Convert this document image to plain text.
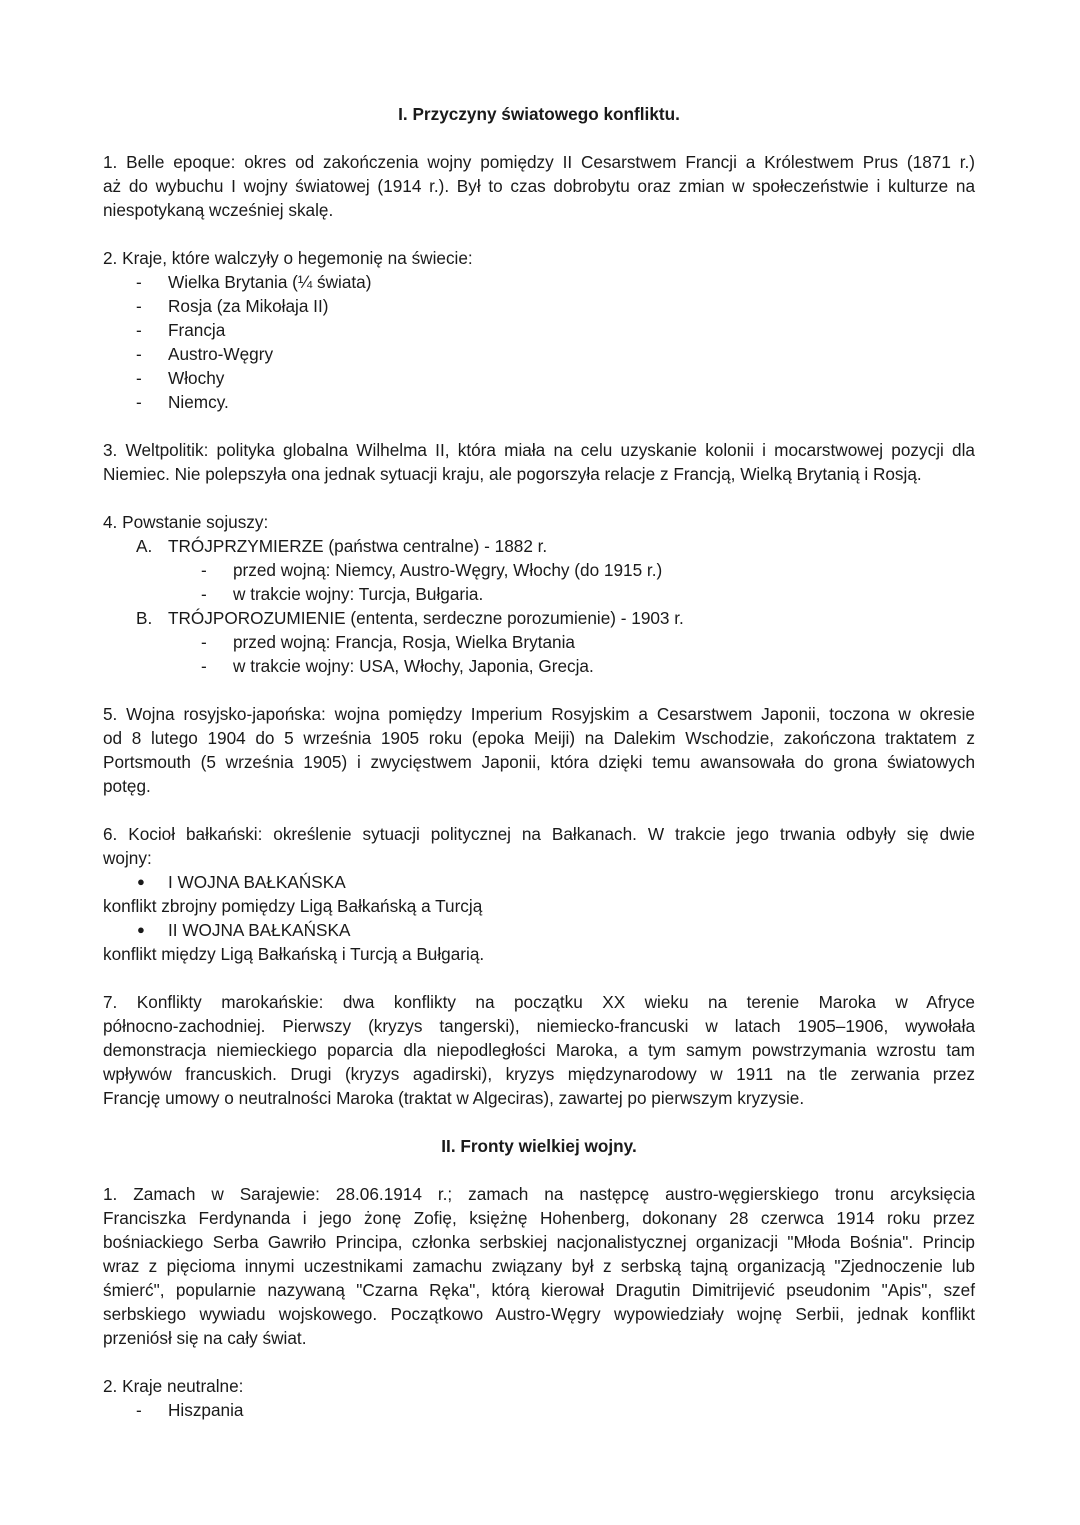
I. Przyczyny światowego konfliktu.

1. Belle epoque: okres od zakończenia wojny pomiędzy II Cesarstwem Francji a Królestwem Prus (1871 r.)

aż do wybuchu I wojny światowej (1914 r.). Był to czas dobrobytu oraz zmian w społeczeństwie i kulturze na

niespotykaną wcześniej skalę.

2. Kraje, które walczyły o hegemonię na świecie:

- Wielka Brytania (¼ świata)
- Rosja (za Mikołaja II)
- Francja
- Austro-Węgry
- Włochy
- Niemcy.

3. Weltpolitik: polityka globalna Wilhelma II, która miała na celu uzyskanie kolonii i mocarstwowej pozycji dla

Niemiec. Nie polepszyła ona jednak sytuacji kraju, ale pogorszyła relacje z Francją, Wielką Brytanią i Rosją.

4. Powstanie sojuszy:

A. TRÓJPRZYMIERZE (państwa centralne) - 1882 r.
- przed wojną: Niemcy, Austro-Węgry, Włochy (do 1915 r.)
- w trakcie wojny: Turcja, Bułgaria.
B. TRÓJPOROZUMIENIE (ententa, serdeczne porozumienie) - 1903 r.
- przed wojną: Francja, Rosja, Wielka Brytania
- w trakcie wojny: USA, Włochy, Japonia, Grecja.

5. Wojna rosyjsko-japońska: wojna pomiędzy Imperium Rosyjskim a Cesarstwem Japonii, toczona w okresie

od 8 lutego 1904 do 5 września 1905 roku (epoka Meiji) na Dalekim Wschodzie, zakończona traktatem z

Portsmouth (5 września 1905) i zwycięstwem Japonii, która dzięki temu awansowała do grona światowych

potęg.

6. Kocioł bałkański: określenie sytuacji politycznej na Bałkanach. W trakcie jego trwania odbyły się dwie

wojny:

● I WOJNA BAŁKAŃSKA

konflikt zbrojny pomiędzy Ligą Bałkańską a Turcją

● II WOJNA BAŁKAŃSKA

konflikt między Ligą Bałkańską i Turcją a Bułgarią.

7. Konflikty marokańskie: dwa konflikty na początku XX wieku na terenie Maroka w Afryce

północno-zachodniej. Pierwszy (kryzys tangerski), niemiecko-francuski w latach 1905–1906, wywołała

demonstracja niemieckiego poparcia dla niepodległości Maroka, a tym samym powstrzymania wzrostu tam

wpływów francuskich. Drugi (kryzys agadirski), kryzys międzynarodowy w 1911 na tle zerwania przez

Francję umowy o neutralności Maroka (traktat w Algeciras), zawartej po pierwszym kryzysie.

II. Fronty wielkiej wojny.

1. Zamach w Sarajewie: 28.06.1914 r.; zamach na następcę austro-węgierskiego tronu arcyksięcia

Franciszka Ferdynanda i jego żonę Zofię, księżnę Hohenberg, dokonany 28 czerwca 1914 roku przez

bośniackiego Serba Gawriło Principa, członka serbskiej nacjonalistycznej organizacji "Młoda Bośnia". Princip

wraz z pięcioma innymi uczestnikami zamachu związany był z serbską tajną organizacją "Zjednoczenie lub

śmierć", popularnie nazywaną "Czarna Ręka", którą kierował Dragutin Dimitrijević pseudonim "Apis", szef

serbskiego wywiadu wojskowego. Początkowo Austro-Węgry wypowiedziały wojnę Serbii, jednak konflikt

przeniósł się na cały świat.

2. Kraje neutralne:

- Hiszpania
